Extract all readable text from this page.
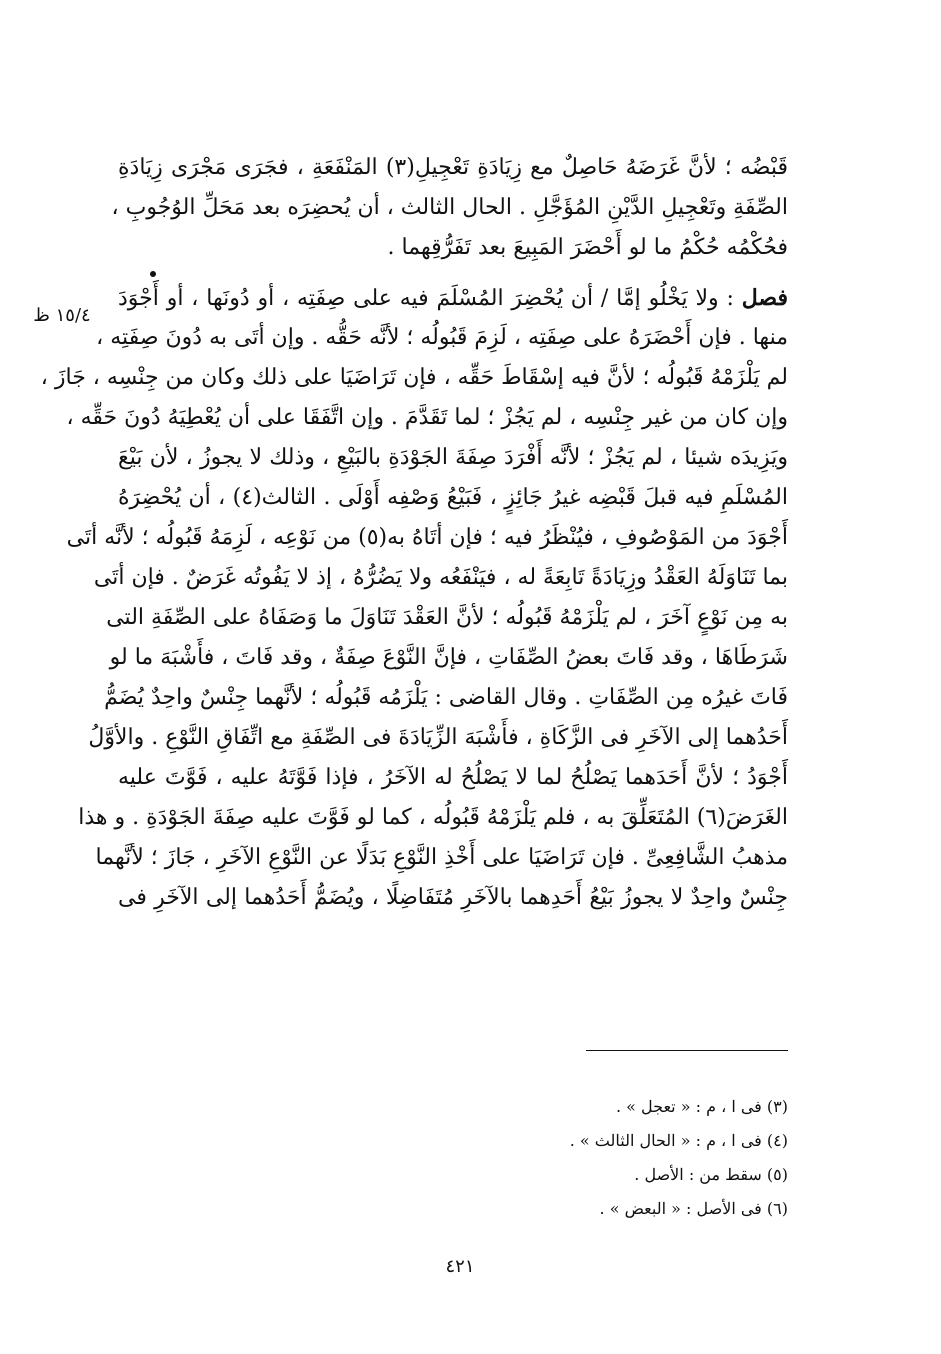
١٥/٤ ظ
قَبْضُه ؛ لأنَّ غَرَضَهُ حَاصِلٌ مع زِيَادَةِ تَعْجِيلِ(٣) المَنْفَعَةِ ، فجَرَى مَجْرَى زِيَادَةِ
الصِّفَةِ وتَعْجِيلِ الدَّيْنِ المُؤَجَّلِ . الحال الثالث ، أن يُحضِرَه بعد مَحَلِّ الوُجُوبِ ،
فحُكْمُه حُكْمُ ما لو أَحْضَرَ المَبِيعَ بعد تَفَرُّقِهما .
فصل : ولا يَخْلُو إمَّا / أن يُحْضِرَ المُسْلَمَ فيه على صِفَتِه ، أو دُونَها ، أو أَجْوَدَ
منها . فإن أَحْضَرَهُ على صِفَتِه ، لَزِمَ قَبُولُه ؛ لأنَّه حَقُّه . وإن أتَى به دُونَ صِفَتِه ،
لم يَلْزَمْهُ قَبُولُه ؛ لأنَّ فيه إسْقَاطَ حَقِّه ، فإن تَرَاضَيَا على ذلك وكان من جِنْسِه ، جَازَ ،
وإن كان من غير جِنْسِه ، لم يَجُزْ ؛ لما تَقَدَّمَ . وإن اتَّفَقَا على أن يُعْطِيَهُ دُونَ حَقِّه ،
ويَزِيدَه شيئا ، لم يَجُزْ ؛ لأنَّه أَفْرَدَ صِفَةَ الجَوْدَةِ بالبَيْعِ ، وذلك لا يجوزُ ، لأن بَيْعَ
المُسْلَمِ فيه قبلَ قَبْضِه غيرُ جَائِزٍ ، فَبَيْعُ وَصْفِه أَوْلَى . الثالث(٤) ، أن يُحْضِرَهُ
أَجْوَدَ من المَوْصُوفِ ، فيُنْظَرُ فيه ؛ فإن أتَاهُ به(٥) من نَوْعِه ، لَزِمَهُ قَبُولُه ؛ لأنَّه أتَى
بما تَنَاوَلَهُ العَقْدُ وزِيَادَةً تَابِعَةً له ، فيَنْفَعُه ولا يَضُرُّهُ ، إذ لا يَفُوتُه غَرَضٌ . فإن أتَى
به مِن نَوْعٍ آخَرَ ، لم يَلْزَمْهُ قَبُولُه ؛ لأنَّ العَقْدَ تَنَاوَلَ ما وَصَفَاهُ على الصِّفَةِ التى
شَرَطَاهَا ، وقد فَاتَ بعضُ الصِّفَاتِ ، فإنَّ النَّوْعَ صِفَةٌ ، وقد فَاتَ ، فأَشْبَهَ ما لو
فَاتَ غيرُه مِن الصِّفَاتِ . وقال القاضى : يَلْزَمُه قَبُولُه ؛ لأنَّهما جِنْسٌ واحِدٌ يُضَمُّ
أَحَدُهما إلى الآخَرِ فى الزَّكَاةِ ، فأَشْبَهَ الزِّيَادَةَ فى الصِّفَةِ مع اتِّفَاقِ النَّوْعِ . والأوَّلُ
أَجْوَدُ ؛ لأنَّ أَحَدَهما يَصْلُحُ لما لا يَصْلُحُ له الآخَرُ ، فإذا فَوَّتَهُ عليه ، فَوَّتَ عليه
الغَرَضَ(٦) المُتَعَلِّقَ به ، فلم يَلْزَمْهُ قَبُولُه ، كما لو فَوَّتَ عليه صِفَةَ الجَوْدَةِ . و هذا
مذهبُ الشَّافِعِىِّ . فإن تَرَاضَيَا على أَخْذِ النَّوْعِ بَدَلًا عن النَّوْعِ الآخَرِ ، جَازَ ؛ لأنَّهما
جِنْسٌ واحِدٌ لا يجوزُ بَيْعُ أَحَدِهما بالآخَرِ مُتَفَاضِلًا ، ويُضَمُّ أَحَدُهما إلى الآخَرِ فى
(٣) فى ا ، م : « تعجل » .
(٤) فى ا ، م : « الحال الثالث » .
(٥) سقط من : الأصل .
(٦) فى الأصل : « البعض » .
٤٢١
